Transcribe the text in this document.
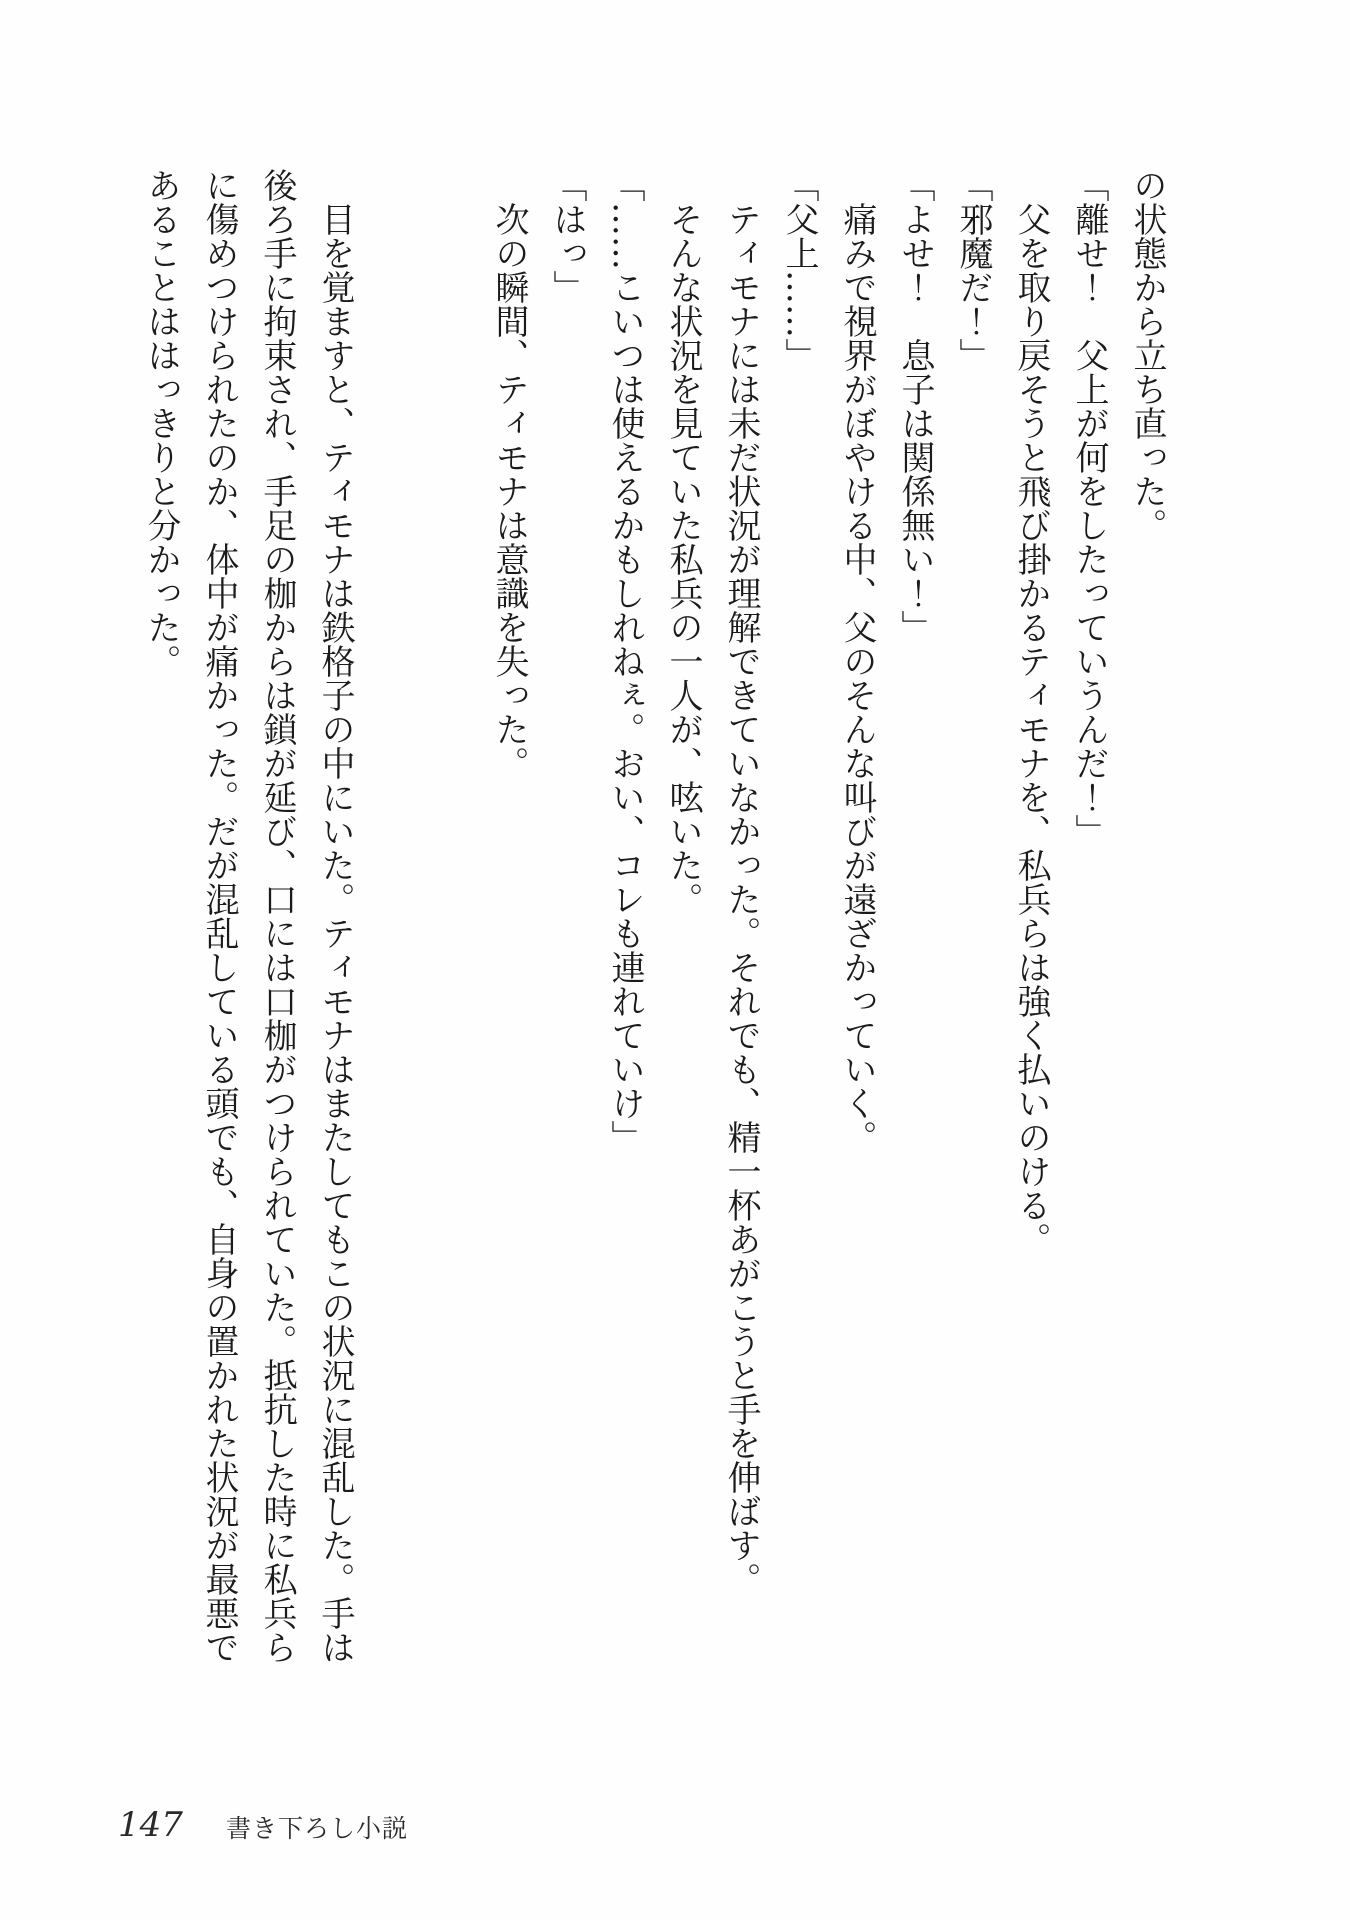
の状態から立ち直った。

「離せ！　父上が何をしたっていうんだ！」

父を取り戻そうと飛び掛かるティモナを、私兵らは強く払いのける。

「邪魔だ！」

「よせ！　息子は関係無い！」

痛みで視界がぼやける中、父のそんな叫びが遠ざかっていく。

「父上……」

ティモナには未だ状況が理解できていなかった。それでも、精一杯あがこうと手を伸ばす。

そんな状況を見ていた私兵の一人が、呟いた。

「……こいつは使えるかもしれねぇ。おい、コレも連れていけ」

「はっ」

次の瞬間、ティモナは意識を失った。

目を覚ますと、ティモナは鉄格子の中にいた。ティモナはまたしてもこの状況に混乱した。手は後ろ手に拘束され、手足の枷からは鎖が延び、口には口枷がつけられていた。抵抗した時に私兵らに傷めつけられたのか、体中が痛かった。だが混乱している頭でも、自身の置かれた状況が最悪であることははっきりと分かった。

147 書き下ろし小説
